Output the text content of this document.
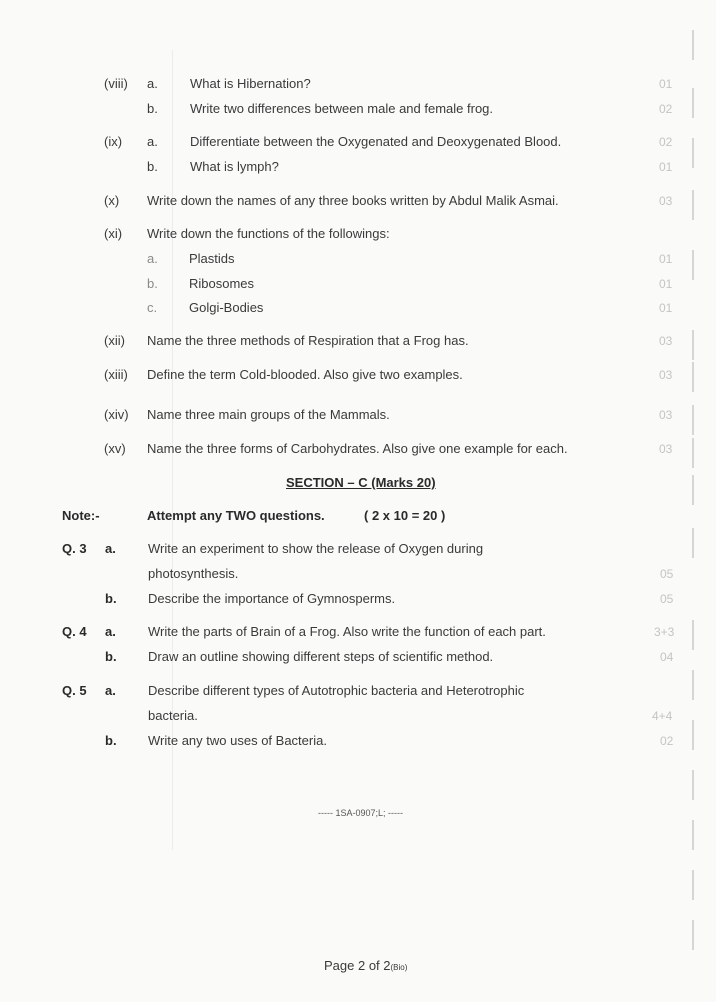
(viii) a. What is Hibernation?	01
b. Write two differences between male and female frog.	02
(ix) a. Differentiate between the Oxygenated and Deoxygenated Blood.	02
b. What is lymph?	01
(x) Write down the names of any three books written by Abdul Malik Asmai.	03
(xi) Write down the functions of the followings:
a. Plastids	01
b. Ribosomes	01
c. Golgi-Bodies	01
(xii) Name the three methods of Respiration that a Frog has.	03
(xiii) Define the term Cold-blooded. Also give two examples.	03
(xiv) Name three main groups of the Mammals.	03
(xv) Name the three forms of Carbohydrates. Also give one example for each.	03
SECTION – C (Marks 20)
Note:-	Attempt any TWO questions.	( 2 x 10 = 20 )
Q. 3 a. Write an experiment to show the release of Oxygen during
photosynthesis.	05
b. Describe the importance of Gymnosperms.	05
Q. 4 a. Write the parts of Brain of a Frog. Also write the function of each part.	3+3
b. Draw an outline showing different steps of scientific method.	04
Q. 5 a. Describe different types of Autotrophic bacteria and Heterotrophic
bacteria.	4+4
b. Write any two uses of Bacteria.	02
----- 1SA-0907;L; -----
Page 2 of 2(Bio)
